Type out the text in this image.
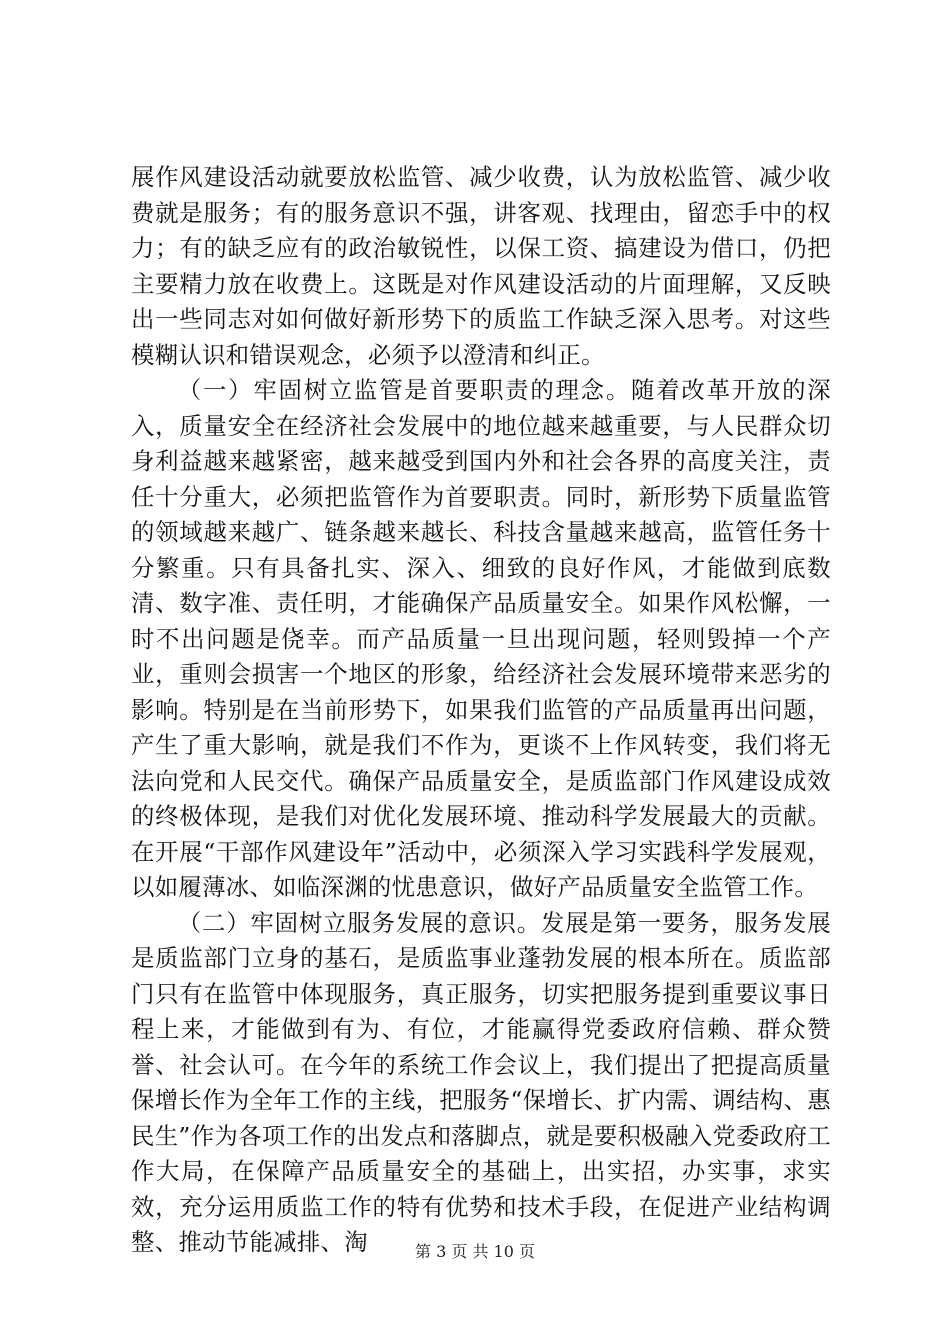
展作风建设活动就要放松监管、减少收费，认为放松监管、减少收费就是服务；有的服务意识不强，讲客观、找理由，留恋手中的权力；有的缺乏应有的政治敏锐性，以保工资、搞建设为借口，仍把主要精力放在收费上。这既是对作风建设活动的片面理解，又反映出一些同志对如何做好新形势下的质监工作缺乏深入思考。对这些模糊认识和错误观念，必须予以澄清和纠正。

（一）牢固树立监管是首要职责的理念。随着改革开放的深入，质量安全在经济社会发展中的地位越来越重要，与人民群众切身利益越来越紧密，越来越受到国内外和社会各界的高度关注，责任十分重大，必须把监管作为首要职责。同时，新形势下质量监管的领域越来越广、链条越来越长、科技含量越来越高，监管任务十分繁重。只有具备扎实、深入、细致的良好作风，才能做到底数清、数字准、责任明，才能确保产品质量安全。如果作风松懈，一时不出问题是侥幸。而产品质量一旦出现问题，轻则毁掉一个产业，重则会损害一个地区的形象，给经济社会发展环境带来恶劣的影响。特别是在当前形势下，如果我们监管的产品质量再出问题，产生了重大影响，就是我们不作为，更谈不上作风转变，我们将无法向党和人民交代。确保产品质量安全，是质监部门作风建设成效的终极体现，是我们对优化发展环境、推动科学发展最大的贡献。在开展“干部作风建设年”活动中，必须深入学习实践科学发展观，以如履薄冰、如临深渊的忧患意识，做好产品质量安全监管工作。

（二）牢固树立服务发展的意识。发展是第一要务，服务发展是质监部门立身的基石，是质监事业蓬勃发展的根本所在。质监部门只有在监管中体现服务，真正服务，切实把服务提到重要议事日程上来，才能做到有为、有位，才能赢得党委政府信赖、群众赞誉、社会认可。在今年的系统工作会议上，我们提出了把提高质量保增长作为全年工作的主线，把服务“保增长、扩内需、调结构、惠民生”作为各项工作的出发点和落脚点，就是要积极融入党委政府工作大局，在保障产品质量安全的基础上，出实招，办实事，求实效，充分运用质监工作的特有优势和技术手段，在促进产业结构调整、推动节能减排、淘	第 3 页 共 10 页
